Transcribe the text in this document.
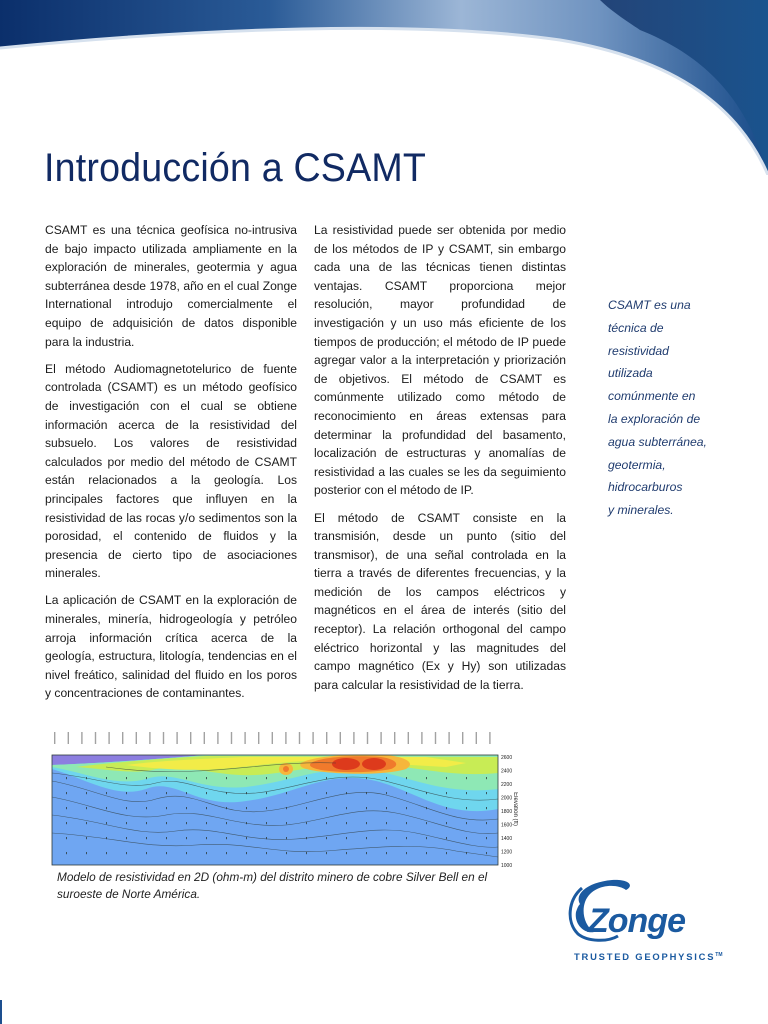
Introducción a CSAMT

CSAMT es una técnica geofísica no-intrusiva de bajo impacto utilizada ampliamente en la exploración de minerales, geotermia y agua subterránea desde 1978, año en el cual Zonge International introdujo comercialmente el equipo de adquisición de datos disponible para la industria.

El método Audiomagnetotelurico de fuente controlada (CSAMT) es un método geofísico de investigación con el cual se obtiene información acerca de la resistividad del subsuelo. Los valores de resistividad calculados por medio del método de CSAMT están relacionados a la geología. Los principales factores que influyen en la resistividad de las rocas y/o sedimentos son la porosidad, el contenido de fluidos y la presencia de cierto tipo de asociaciones minerales.

La aplicación de CSAMT en la exploración de minerales, minería, hidrogeología y petróleo arroja información crítica acerca de la geología, estructura, litología, tendencias en el nivel freático, salinidad del fluido en los poros y concentraciones de contaminantes.

La resistividad puede ser obtenida por medio de los métodos de IP y CSAMT, sin embargo cada una de las técnicas tienen distintas ventajas. CSAMT proporciona mejor resolución, mayor profundidad de investigación y un uso más eficiente de los tiempos de producción; el método de IP puede agregar valor a la interpretación y priorización de objetivos. El método de CSAMT es comúnmente utilizado como método de reconocimiento en áreas extensas para determinar la profundidad del basamento, localización de estructuras y anomalías de resistividad a las cuales se les da seguimiento posterior con el método de IP.

El método de CSAMT consiste en la transmisión, desde un punto (sitio del transmisor), de una señal controlada en la tierra a través de diferentes frecuencias, y la medición de los campos eléctricos y magnéticos en el área de interés (sitio del receptor). La relación orthogonal del campo eléctrico horizontal y las magnitudes del campo magnético (Ex y Hy) son utilizadas para calcular la resistividad de la tierra.

CSAMT es una

técnica de

resistividad

utilizada

comúnmente en

la exploración de

agua subterránea,

geotermia,

hidrocarburos

y minerales.

2600
2400
2200
2000
1800
1600
1400
1200
1000
Elevation (ft)
Modelo de resistividad en 2D (ohm-m) del distrito minero de cobre Silver Bell en el suroeste de Norte América.
Zonge
TRUSTED GEOPHYSICS™
